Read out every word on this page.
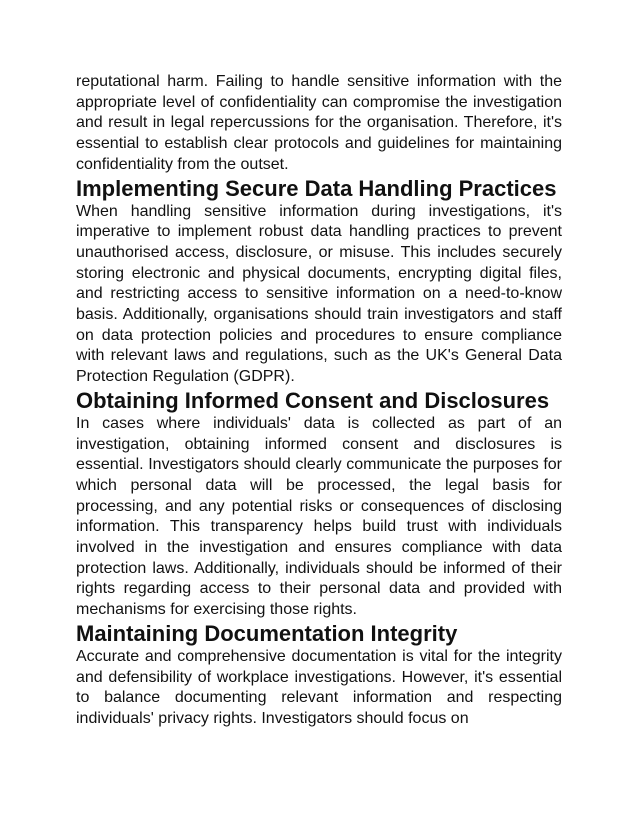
reputational harm. Failing to handle sensitive information with the appropriate level of confidentiality can compromise the investigation and result in legal repercussions for the organisation. Therefore, it's essential to establish clear protocols and guidelines for maintaining confidentiality from the outset.

Implementing Secure Data Handling Practices

When handling sensitive information during investigations, it's imperative to implement robust data handling practices to prevent unauthorised access, disclosure, or misuse. This includes securely storing electronic and physical documents, encrypting digital files, and restricting access to sensitive information on a need-to-know basis. Additionally, organisations should train investigators and staff on data protection policies and procedures to ensure compliance with relevant laws and regulations, such as the UK's General Data Protection Regulation (GDPR).

Obtaining Informed Consent and Disclosures

In cases where individuals' data is collected as part of an investigation, obtaining informed consent and disclosures is essential. Investigators should clearly communicate the purposes for which personal data will be processed, the legal basis for processing, and any potential risks or consequences of disclosing information. This transparency helps build trust with individuals involved in the investigation and ensures compliance with data protection laws. Additionally, individuals should be informed of their rights regarding access to their personal data and provided with mechanisms for exercising those rights.

Maintaining Documentation Integrity

Accurate and comprehensive documentation is vital for the integrity and defensibility of workplace investigations. However, it's essential to balance documenting relevant information and respecting individuals' privacy rights. Investigators should focus on
